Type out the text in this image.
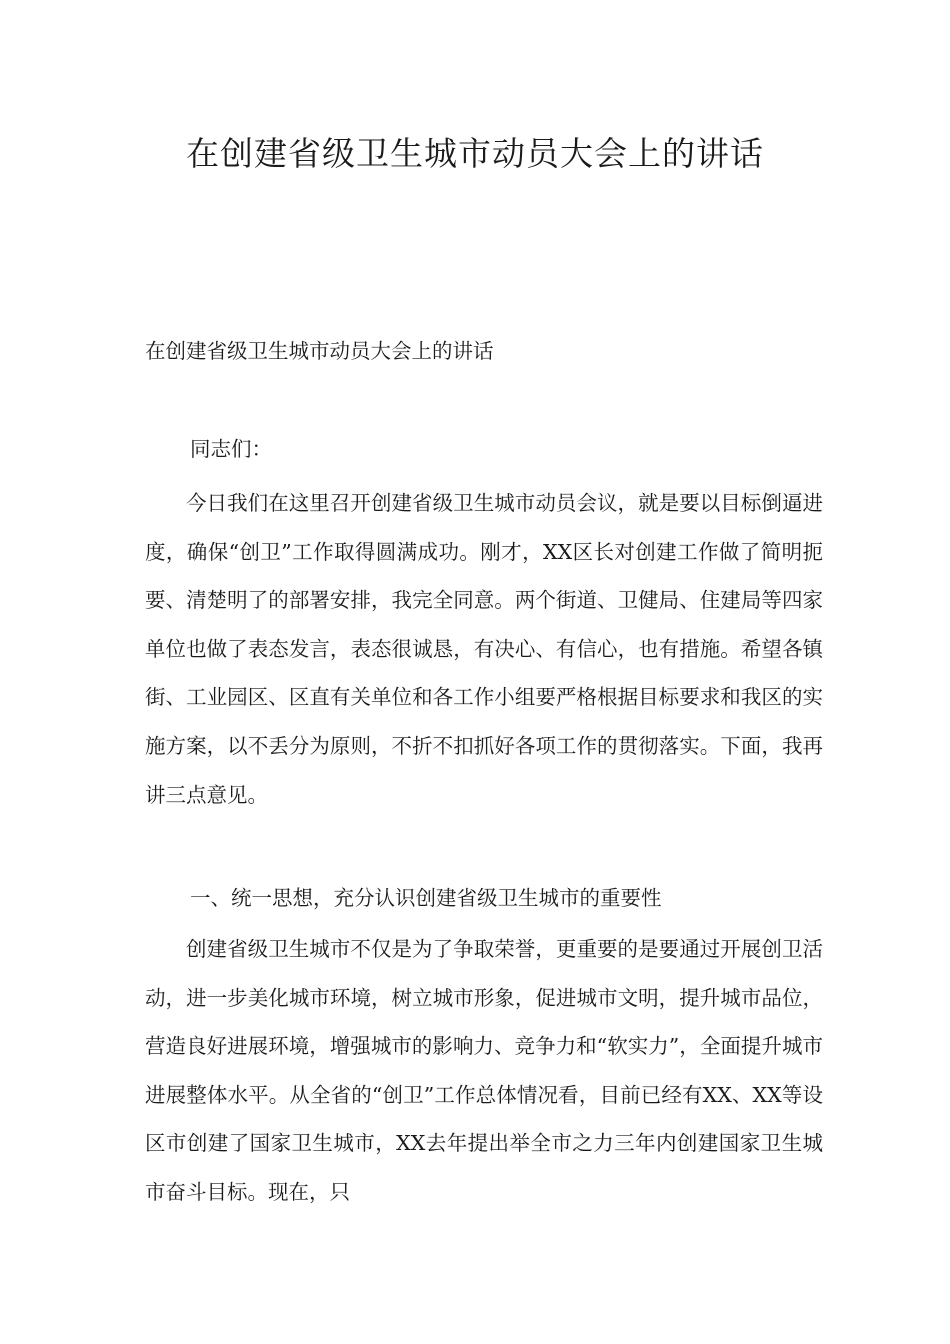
在创建省级卫生城市动员大会上的讲话

在创建省级卫生城市动员大会上的讲话

同志们：

今日我们在这里召开创建省级卫生城市动员会议，就是要以目标倒逼进度，确保“创卫”工作取得圆满成功。刚才，XX区长对创建工作做了简明扼要、清楚明了的部署安排，我完全同意。两个街道、卫健局、住建局等四家单位也做了表态发言，表态很诚恳，有决心、有信心，也有措施。希望各镇街、工业园区、区直有关单位和各工作小组要严格根据目标要求和我区的实施方案，以不丢分为原则，不折不扣抓好各项工作的贯彻落实。下面，我再讲三点意见。

一、统一思想，充分认识创建省级卫生城市的重要性

创建省级卫生城市不仅是为了争取荣誉，更重要的是要通过开展创卫活动，进一步美化城市环境，树立城市形象，促进城市文明，提升城市品位，营造良好进展环境，增强城市的影响力、竞争力和“软实力”，全面提升城市进展整体水平。从全省的“创卫”工作总体情况看，目前已经有XX、XX等设区市创建了国家卫生城市，XX去年提出举全市之力三年内创建国家卫生城市奋斗目标。现在，只
